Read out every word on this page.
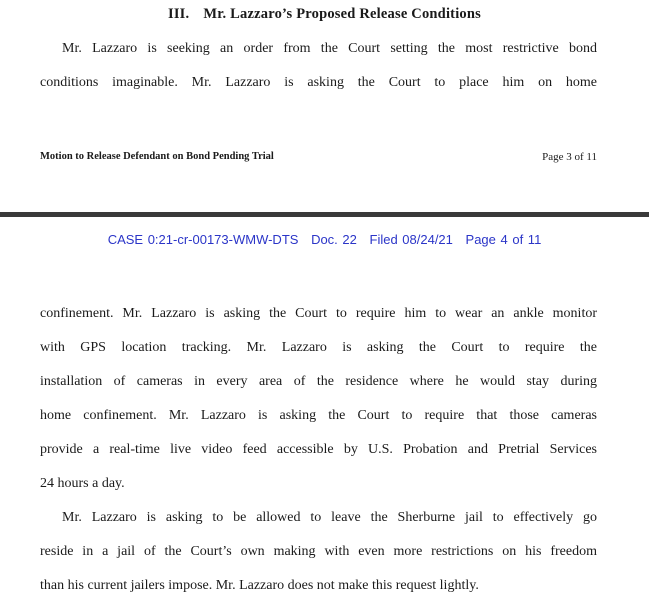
III. Mr. Lazzaro’s Proposed Release Conditions
Mr. Lazzaro is seeking an order from the Court setting the most restrictive bond
conditions imaginable. Mr. Lazzaro is asking the Court to place him on home
Motion to Release Defendant on Bond Pending Trial	Page 3 of 11
CASE 0:21-cr-00173-WMW-DTS Doc. 22 Filed 08/24/21 Page 4 of 11
confinement. Mr. Lazzaro is asking the Court to require him to wear an ankle monitor
with GPS location tracking. Mr. Lazzaro is asking the Court to require the
installation of cameras in every area of the residence where he would stay during
home confinement. Mr. Lazzaro is asking the Court to require that those cameras
provide a real-time live video feed accessible by U.S. Probation and Pretrial Services
24 hours a day.
Mr. Lazzaro is asking to be allowed to leave the Sherburne jail to effectively go
reside in a jail of the Court’s own making with even more restrictions on his freedom
than his current jailers impose. Mr. Lazzaro does not make this request lightly.
